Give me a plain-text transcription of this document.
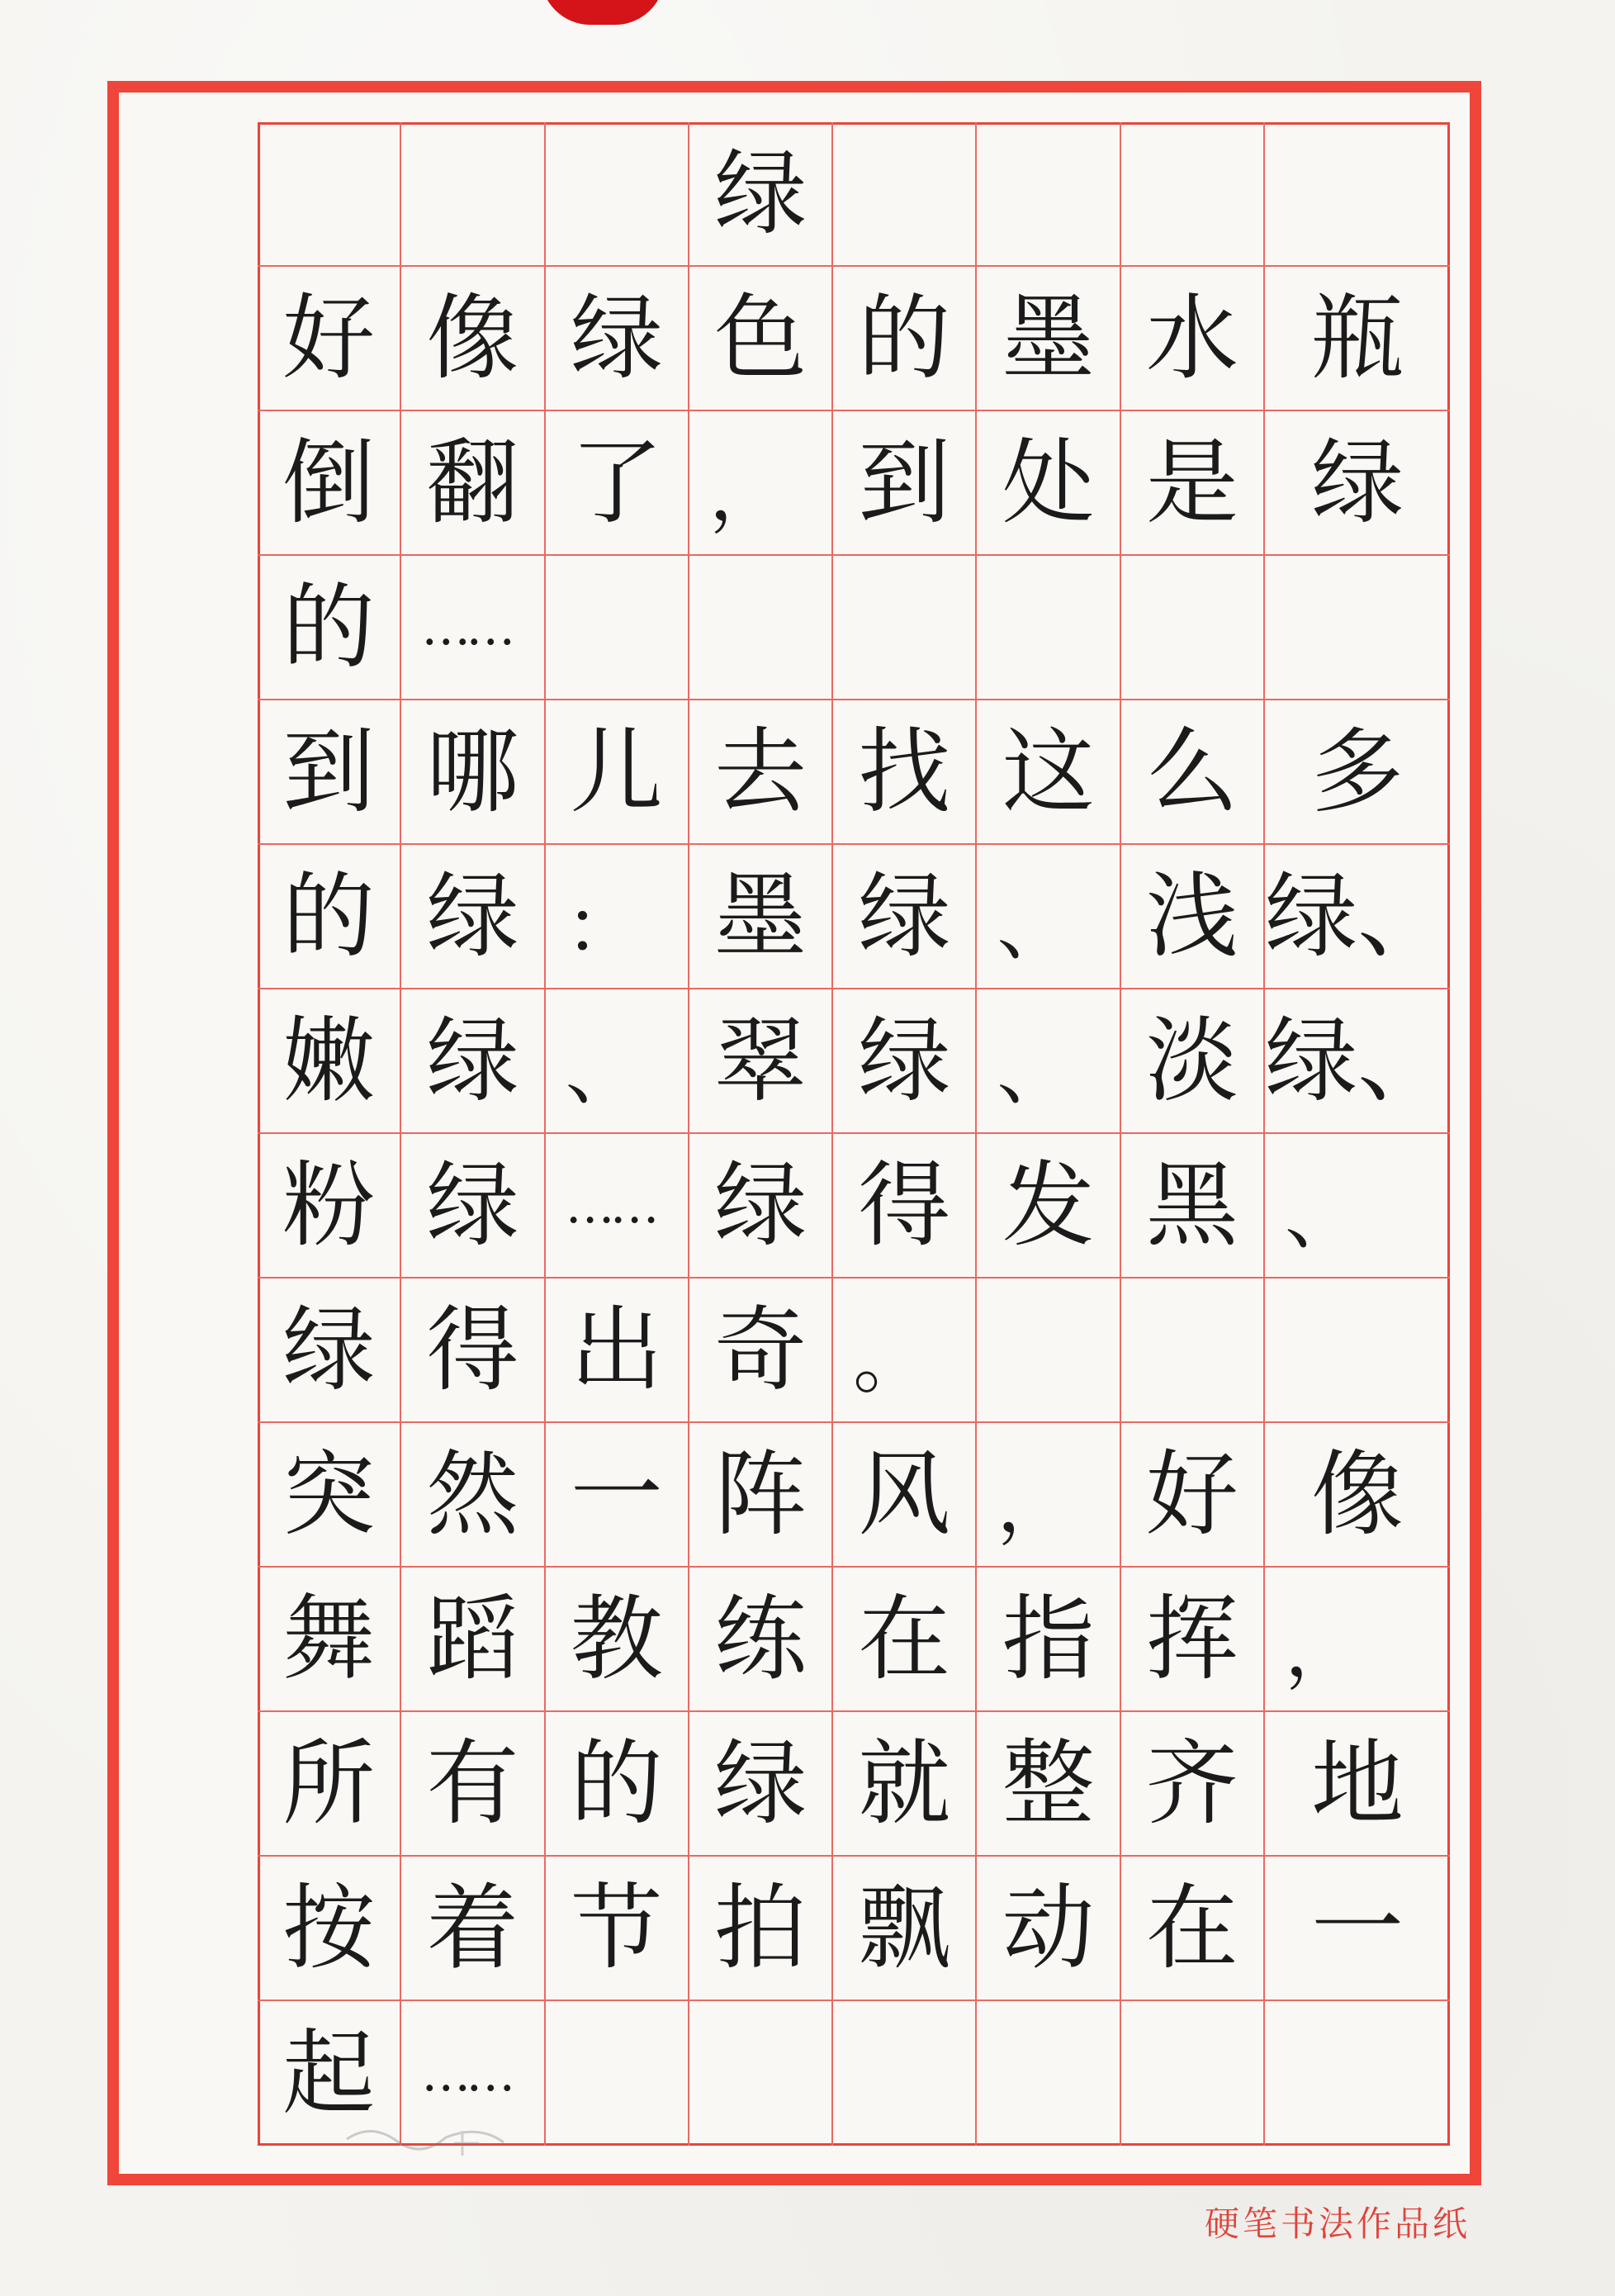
绿
好 像 绿 色 的 墨 水 瓶
倒 翻 了 ， 到 处 是 绿
的 ……
到 哪 儿 去 找 这 么 多
的 绿 ： 墨 绿 、 浅 绿、
嫩 绿 、 翠 绿 、 淡 绿、
粉 绿 …… 绿 得 发 黑 、
绿 得 出 奇 。
突 然 一 阵 风 ， 好 像
舞 蹈 教 练 在 指 挥 ，
所 有 的 绿 就 整 齐 地
按 着 节 拍 飘 动 在 一
起 ……
硬笔书法作品纸
